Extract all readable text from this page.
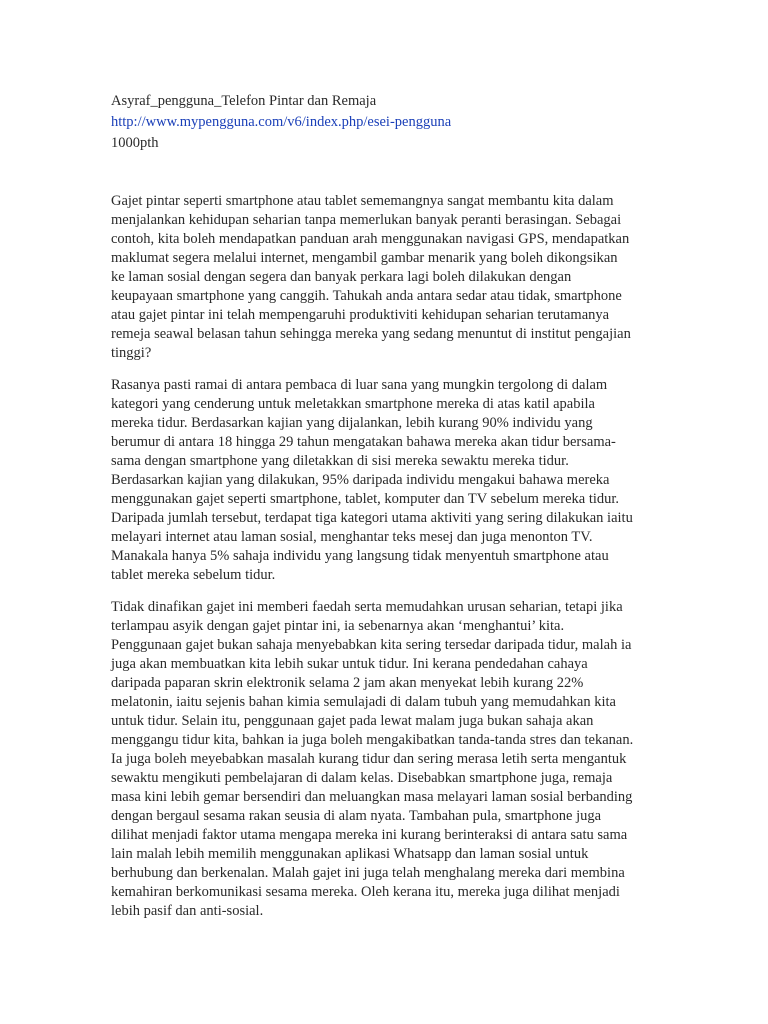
Asyraf_pengguna_Telefon Pintar dan Remaja

http://www.mypengguna.com/v6/index.php/esei-pengguna

1000pth

Gajet pintar seperti smartphone atau tablet sememangnya sangat membantu kita dalam
menjalankan kehidupan seharian tanpa memerlukan banyak peranti berasingan. Sebagai
contoh, kita boleh mendapatkan panduan arah menggunakan navigasi GPS, mendapatkan
maklumat segera melalui internet, mengambil gambar menarik yang boleh dikongsikan
ke laman sosial dengan segera dan banyak perkara lagi boleh dilakukan dengan
keupayaan smartphone yang canggih. Tahukah anda antara sedar atau tidak, smartphone
atau gajet pintar ini telah mempengaruhi produktiviti kehidupan seharian terutamanya
remeja seawal belasan tahun sehingga mereka yang sedang menuntut di institut pengajian
tinggi?

Rasanya pasti ramai di antara pembaca di luar sana yang mungkin tergolong di dalam
kategori yang cenderung untuk meletakkan smartphone mereka di atas katil apabila
mereka tidur. Berdasarkan kajian yang dijalankan, lebih kurang 90% individu yang
berumur di antara 18 hingga 29 tahun mengatakan bahawa mereka akan tidur bersama-
sama dengan smartphone yang diletakkan di sisi mereka sewaktu mereka tidur.
Berdasarkan kajian yang dilakukan, 95% daripada individu mengakui bahawa mereka
menggunakan gajet seperti smartphone, tablet, komputer dan TV sebelum mereka tidur.
Daripada jumlah tersebut, terdapat tiga kategori utama aktiviti yang sering dilakukan iaitu
melayari internet atau laman sosial, menghantar teks mesej dan juga menonton TV.
Manakala hanya 5% sahaja individu yang langsung tidak menyentuh smartphone atau
tablet mereka sebelum tidur.

Tidak dinafikan gajet ini memberi faedah serta memudahkan urusan seharian, tetapi jika
terlampau asyik dengan gajet pintar ini, ia sebenarnya akan ‘menghantui’ kita.
Penggunaan gajet bukan sahaja menyebabkan kita sering tersedar daripada tidur, malah ia
juga akan membuatkan kita lebih sukar untuk tidur. Ini kerana pendedahan cahaya
daripada paparan skrin elektronik selama 2 jam akan menyekat lebih kurang 22%
melatonin, iaitu sejenis bahan kimia semulajadi di dalam tubuh yang memudahkan kita
untuk tidur. Selain itu, penggunaan gajet pada lewat malam juga bukan sahaja akan
menggangu tidur kita, bahkan ia juga boleh mengakibatkan tanda-tanda stres dan tekanan.
Ia juga boleh meyebabkan masalah kurang tidur dan sering merasa letih serta mengantuk
sewaktu mengikuti pembelajaran di dalam kelas. Disebabkan smartphone juga, remaja
masa kini lebih gemar bersendiri dan meluangkan masa melayari laman sosial berbanding
dengan bergaul sesama rakan seusia di alam nyata. Tambahan pula, smartphone juga
dilihat menjadi faktor utama mengapa mereka ini kurang berinteraksi di antara satu sama
lain malah lebih memilih menggunakan aplikasi Whatsapp dan laman sosial untuk
berhubung dan berkenalan. Malah gajet ini juga telah menghalang mereka dari membina
kemahiran berkomunikasi sesama mereka. Oleh kerana itu, mereka juga dilihat menjadi
lebih pasif dan anti-sosial.
